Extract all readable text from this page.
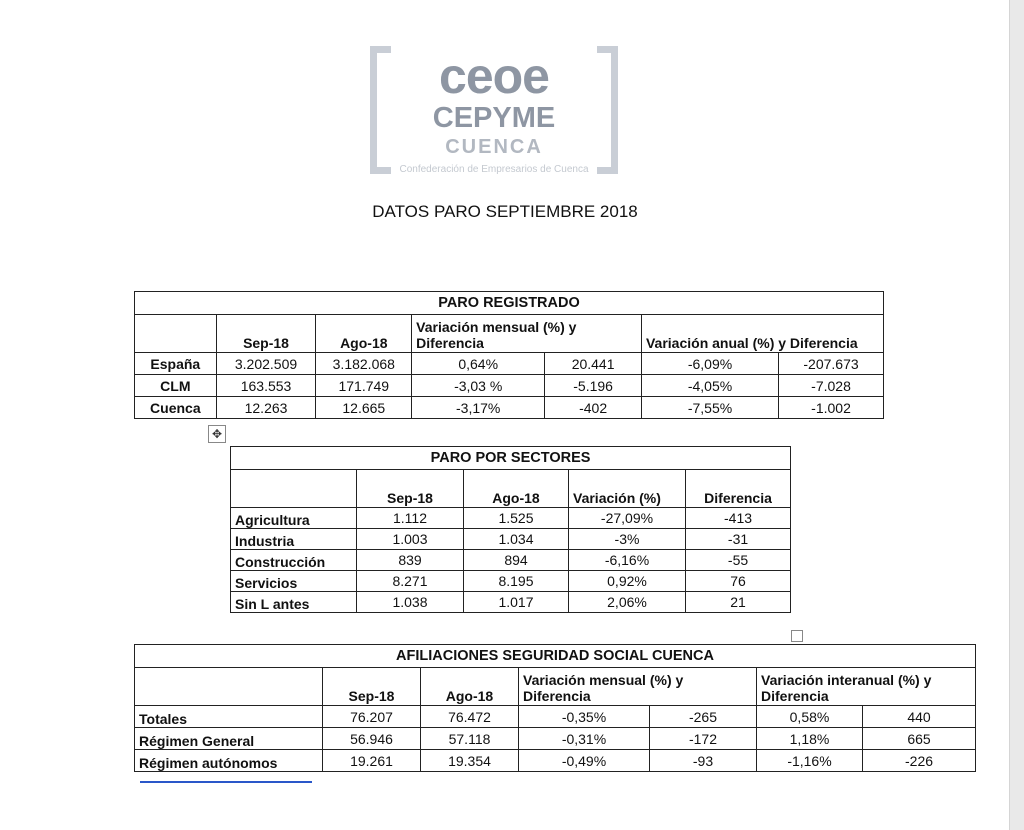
ceoe
CEPYME
CUENCA
Confederación de Empresarios de Cuenca
DATOS PARO SEPTIEMBRE 2018
PARO REGISTRADO						
	Sep-18	Ago-18	Variación mensual (%) y Diferencia		Variación anual (%) y Diferencia	
España	3.202.509	3.182.068	0,64%	20.441	-6,09%	-207.673
CLM	163.553	171.749	-3,03 %	-5.196	-4,05%	-7.028
Cuenca	12.263	12.665	-3,17%	-402	-7,55%	-1.002
✥
PARO POR SECTORES				
	Sep-18	Ago-18	Variación (%)	Diferencia
Agricultura	1.112	1.525	-27,09%	-413
Industria	1.003	1.034	-3%	-31
Construcción	839	894	-6,16%	-55
Servicios	8.271	8.195	0,92%	76
Sin L antes	1.038	1.017	2,06%	21
AFILIACIONES SEGURIDAD SOCIAL CUENCA						
	Sep-18	Ago-18	Variación mensual (%) y Diferencia		Variación interanual (%) y Diferencia	
Totales	76.207	76.472	-0,35%	-265	0,58%	440
Régimen General	56.946	57.118	-0,31%	-172	1,18%	665
Régimen autónomos	19.261	19.354	-0,49%	-93	-1,16%	-226
